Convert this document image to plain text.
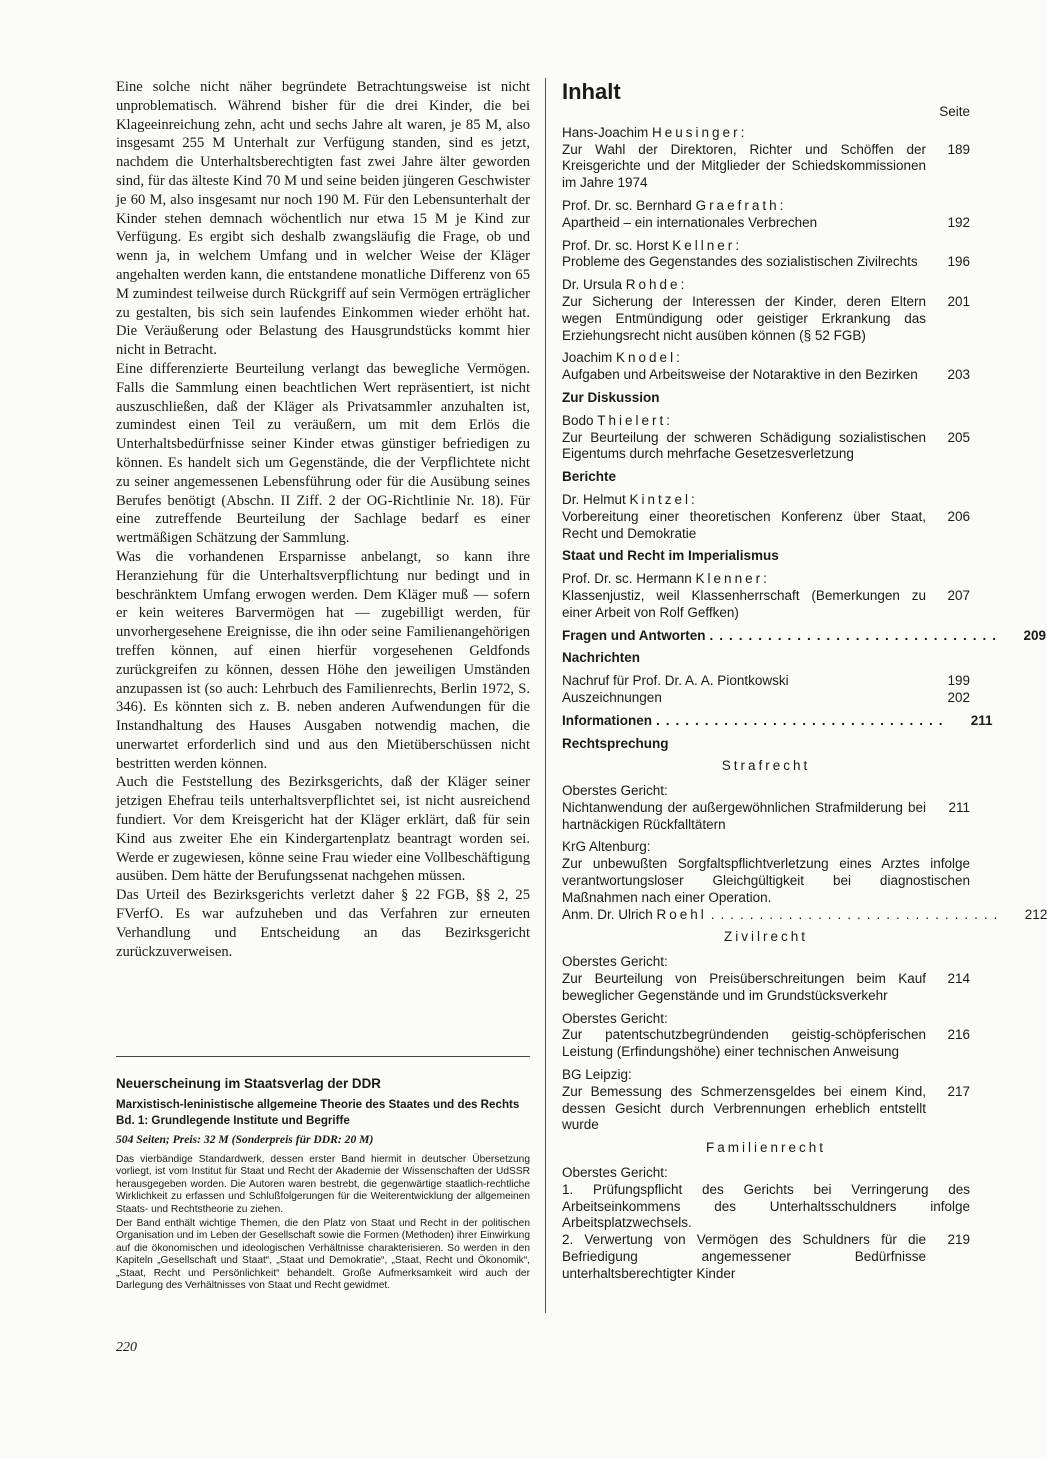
Eine solche nicht näher begründete Betrachtungsweise ist nicht unproblematisch. Während bisher für die drei Kinder, die bei Klageeinreichung zehn, acht und sechs Jahre alt waren, je 85 M, also insgesamt 255 M Unterhalt zur Verfügung standen, sind es jetzt, nachdem die Unterhaltsberechtigten fast zwei Jahre älter geworden sind, für das älteste Kind 70 M und seine beiden jüngeren Geschwister je 60 M, also insgesamt nur noch 190 M. Für den Lebensunterhalt der Kinder stehen demnach wöchentlich nur etwa 15 M je Kind zur Verfügung. Es ergibt sich deshalb zwangsläufig die Frage, ob und wenn ja, in welchem Umfang und in welcher Weise der Kläger angehalten werden kann, die entstandene monatliche Differenz von 65 M zumindest teilweise durch Rückgriff auf sein Vermögen erträglicher zu gestalten, bis sich sein laufendes Einkommen wieder erhöht hat. Die Veräußerung oder Belastung des Hausgrundstücks kommt hier nicht in Betracht.

Eine differenzierte Beurteilung verlangt das bewegliche Vermögen. Falls die Sammlung einen beachtlichen Wert repräsentiert, ist nicht auszuschließen, daß der Kläger als Privatsammler anzuhalten ist, zumindest einen Teil zu veräußern, um mit dem Erlös die Unterhaltsbedürfnisse seiner Kinder etwas günstiger befriedigen zu können. Es handelt sich um Gegenstände, die der Verpflichtete nicht zu seiner angemessenen Lebensführung oder für die Ausübung seines Berufes benötigt (Abschn. II Ziff. 2 der OG-Richtlinie Nr. 18). Für eine zutreffende Beurteilung der Sachlage bedarf es einer wertmäßigen Schätzung der Sammlung.

Was die vorhandenen Ersparnisse anbelangt, so kann ihre Heranziehung für die Unterhaltsverpflichtung nur bedingt und in beschränktem Umfang erwogen werden. Dem Kläger muß — sofern er kein weiteres Barvermögen hat — zugebilligt werden, für unvorhergesehene Ereignisse, die ihn oder seine Familienangehörigen treffen können, auf einen hierfür vorgesehenen Geldfonds zurückgreifen zu können, dessen Höhe den jeweiligen Umständen anzupassen ist (so auch: Lehrbuch des Familienrechts, Berlin 1972, S. 346). Es könnten sich z. B. neben anderen Aufwendungen für die Instandhaltung des Hauses Ausgaben notwendig machen, die unerwartet erforderlich sind und aus den Mietüberschüssen nicht bestritten werden können.

Auch die Feststellung des Bezirksgerichts, daß der Kläger seiner jetzigen Ehefrau teils unterhaltsverpflichtet sei, ist nicht ausreichend fundiert. Vor dem Kreisgericht hat der Kläger erklärt, daß für sein Kind aus zweiter Ehe ein Kindergartenplatz beantragt worden sei. Werde er zugewiesen, könne seine Frau wieder eine Vollbeschäftigung ausüben. Dem hätte der Berufungssenat nachgehen müssen.

Das Urteil des Bezirksgerichts verletzt daher § 22 FGB, §§ 2, 25 FVerfO. Es war aufzuheben und das Verfahren zur erneuten Verhandlung und Entscheidung an das Bezirksgericht zurückzuverweisen.

Neuerscheinung im Staatsverlag der DDR
Marxistisch-leninistische allgemeine Theorie des Staates und des Rechts Bd. 1: Grundlegende Institute und Begriffe
504 Seiten; Preis: 32 M (Sonderpreis für DDR: 20 M)

Das vierbändige Standardwerk, dessen erster Band hiermit in deutscher Übersetzung vorliegt, ist vom Institut für Staat und Recht der Akademie der Wissenschaften der UdSSR herausgegeben worden. Die Autoren waren bestrebt, die gegenwärtige staatlich-rechtliche Wirklichkeit zu erfassen und Schlußfolgerungen für die Weiterentwicklung der allgemeinen Staats- und Rechtstheorie zu ziehen.

Der Band enthält wichtige Themen, die den Platz von Staat und Recht in der politischen Organisation und im Leben der Gesellschaft sowie die Formen (Methoden) ihrer Einwirkung auf die ökonomischen und ideologischen Verhältnisse charakterisieren. So werden in den Kapiteln „Gesellschaft und Staat“, „Staat und Demokratie“, „Staat, Recht und Ökonomik“, „Staat, Recht und Persönlichkeit“ behandelt. Große Aufmerksamkeit wird auch der Darlegung des Verhältnisses von Staat und Recht gewidmet.

220
Inhalt
Seite
Hans-Joachim Heusinger:
Zur Wahl der Direktoren, Richter und Schöffen der Kreisgerichte und der Mitglieder der Schiedskommissionen im Jahre 1974
189
Prof. Dr. sc. Bernhard Graefrath:
Apartheid – ein internationales Verbrechen	192
Prof. Dr. sc. Horst Kellner:
Probleme des Gegenstandes des sozialistischen Zivilrechts	196
Dr. Ursula Rohde:
Zur Sicherung der Interessen der Kinder, deren Eltern wegen Entmündigung oder geistiger Erkrankung das Erziehungsrecht nicht ausüben können (§ 52 FGB)
201
Joachim Knodel:
Aufgaben und Arbeitsweise der Notaraktive in den Bezirken	203
Zur Diskussion
Bodo Thielert:
Zur Beurteilung der schweren Schädigung sozialistischen Eigentums durch mehrfache Gesetzesverletzung
205
Berichte
Dr. Helmut Kintzel:
Vorbereitung einer theoretischen Konferenz über Staat, Recht und Demokratie
206
Staat und Recht im Imperialismus
Prof. Dr. sc. Hermann Klenner:
Klassenjustiz, weil Klassenherrschaft (Bemerkungen zu einer Arbeit von Rolf Geffken)
207
Fragen und Antworten ..............................	209
Nachrichten
Nachruf für Prof. Dr. A. A. Piontkowski	199
Auszeichnungen	202
Informationen ..............................	211
Rechtsprechung
Strafrecht
Oberstes Gericht:
Nichtanwendung der außergewöhnlichen Strafmilderung bei hartnäckigen Rückfalltätern
211
KrG Altenburg:
Zur unbewußten Sorgfaltspflichtverletzung eines Arztes infolge verantwortungsloser Gleichgültigkeit bei diagnostischen Maßnahmen nach einer Operation.
Anm. Dr. Ulrich Roehl ..............................	212
Zivilrecht
Oberstes Gericht:
Zur Beurteilung von Preisüberschreitungen beim Kauf beweglicher Gegenstände und im Grundstücksverkehr
214
Oberstes Gericht:
Zur patentschutzbegründenden geistig-schöpferischen Leistung (Erfindungshöhe) einer technischen Anweisung
216
BG Leipzig:
Zur Bemessung des Schmerzensgeldes bei einem Kind, dessen Gesicht durch Verbrennungen erheblich entstellt wurde
217
Familienrecht
Oberstes Gericht:
1. Prüfungspflicht des Gerichts bei Verringerung des Arbeitseinkommens des Unterhaltsschuldners infolge Arbeitsplatzwechsels.
2. Verwertung von Vermögen des Schuldners für die Befriedigung angemessener Bedürfnisse unterhaltsberechtigter Kinder
219
